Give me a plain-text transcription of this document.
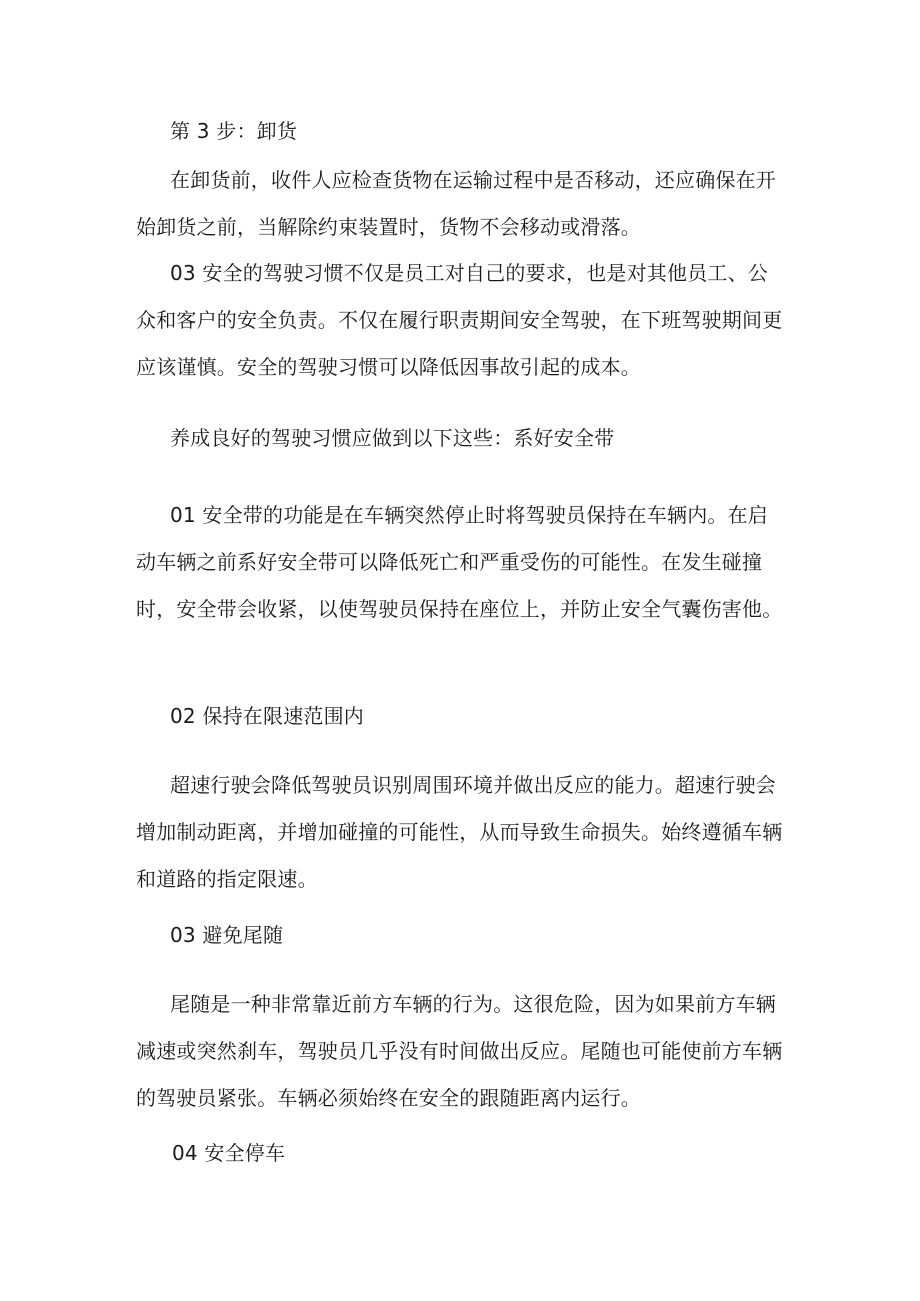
第 3 步：卸货

在卸货前，收件人应检查货物在运输过程中是否移动，还应确保在开始卸货之前，当解除约束装置时，货物不会移动或滑落。

03 安全的驾驶习惯不仅是员工对自己的要求，也是对其他员工、公众和客户的安全负责。不仅在履行职责期间安全驾驶，在下班驾驶期间更应该谨慎。安全的驾驶习惯可以降低因事故引起的成本。

养成良好的驾驶习惯应做到以下这些：系好安全带

01 安全带的功能是在车辆突然停止时将驾驶员保持在车辆内。在启动车辆之前系好安全带可以降低死亡和严重受伤的可能性。在发生碰撞时，安全带会收紧，以使驾驶员保持在座位上，并防止安全气囊伤害他。

02 保持在限速范围内

超速行驶会降低驾驶员识别周围环境并做出反应的能力。超速行驶会增加制动距离，并增加碰撞的可能性，从而导致生命损失。始终遵循车辆和道路的指定限速。

03 避免尾随

尾随是一种非常靠近前方车辆的行为。这很危险，因为如果前方车辆减速或突然刹车，驾驶员几乎没有时间做出反应。尾随也可能使前方车辆的驾驶员紧张。车辆必须始终在安全的跟随距离内运行。

04 安全停车
